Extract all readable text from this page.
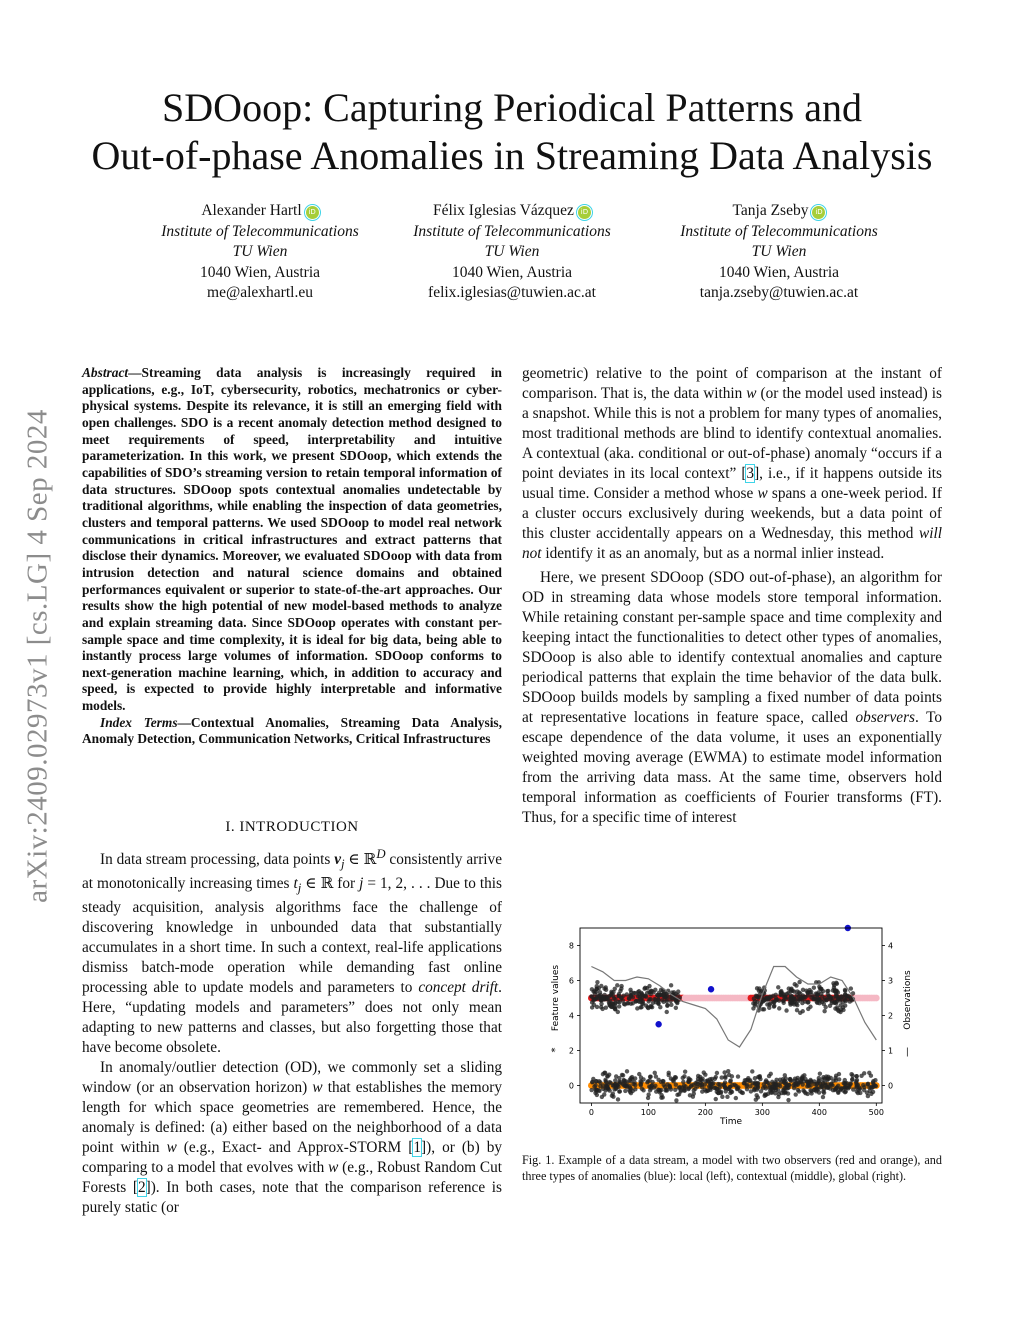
SDOoop: Capturing Periodical Patterns and
Out-of-phase Anomalies in Streaming Data Analysis
Alexander Hartl iD
Institute of Telecommunications
TU Wien
1040 Wien, Austria
me@alexhartl.eu
Félix Iglesias Vázquez iD
Institute of Telecommunications
TU Wien
1040 Wien, Austria
felix.iglesias@tuwien.ac.at
Tanja Zseby iD
Institute of Telecommunications
TU Wien
1040 Wien, Austria
tanja.zseby@tuwien.ac.at
arXiv:2409.02973v1 [cs.LG] 4 Sep 2024
Abstract—Streaming data analysis is increasingly required in applications, e.g., IoT, cybersecurity, robotics, mechatronics or cyber-physical systems. Despite its relevance, it is still an emerging field with open challenges. SDO is a recent anomaly detection method designed to meet requirements of speed, interpretability and intuitive parameterization. In this work, we present SDOoop, which extends the capabilities of SDO’s streaming version to retain temporal information of data structures. SDOoop spots contextual anomalies undetectable by traditional algorithms, while enabling the inspection of data geometries, clusters and temporal patterns. We used SDOoop to model real network communications in critical infrastructures and extract patterns that disclose their dynamics. Moreover, we evaluated SDOoop with data from intrusion detection and natural science domains and obtained performances equivalent or superior to state-of-the-art approaches. Our results show the high potential of new model-based methods to analyze and explain streaming data. Since SDOoop operates with constant per-sample space and time complexity, it is ideal for big data, being able to instantly process large volumes of information. SDOoop conforms to next-generation machine learning, which, in addition to accuracy and speed, is expected to provide highly interpretable and informative models.
Index Terms—Contextual Anomalies, Streaming Data Analysis, Anomaly Detection, Communication Networks, Critical Infrastructures
I. INTRODUCTION

In data stream processing, data points $v_j$ ∈ ℝ$^D$ consistently arrive at monotonically increasing times $t_j$ ∈ ℝ for j = 1, 2, . . . Due to this steady acquisition, analysis algorithms face the challenge of discovering knowledge in unbounded data that substantially accumulates in a short time. In such a context, real-life applications dismiss batch-mode operation while demanding fast online processing able to update models and parameters to concept drift. Here, “updating models and parameters” does not only mean adapting to new patterns and classes, but also forgetting those that have become obsolete.

In anomaly/outlier detection (OD), we commonly set a sliding window (or an observation horizon) w that establishes the memory length for which space geometries are remembered. Hence, the anomaly is defined: (a) either based on the neighborhood of a data point within w (e.g., Exact- and Approx-STORM [1]), or (b) by comparing to a model that evolves with w (e.g., Robust Random Cut Forests [2]). In both cases, note that the comparison reference is purely static (or

geometric) relative to the point of comparison at the instant of comparison. That is, the data within w (or the model used instead) is a snapshot. While this is not a problem for many types of anomalies, most traditional methods are blind to identify contextual anomalies. A contextual (aka. conditional or out-of-phase) anomaly “occurs if a point deviates in its local context” [3], i.e., if it happens outside its usual time. Consider a method whose w spans a one-week period. If a cluster occurs exclusively during weekends, but a data point of this cluster accidentally appears on a Wednesday, this method will not identify it as an anomaly, but as a normal inlier instead.

Here, we present SDOoop (SDO out-of-phase), an algorithm for OD in streaming data whose models store temporal information. While retaining constant per-sample space and time complexity and keeping intact the functionalities to detect other types of anomalies, SDOoop is also able to identify contextual anomalies and capture periodical patterns that explain the time behavior of the data bulk. SDOoop builds models by sampling a fixed number of data points at representative locations in feature space, called observers. To escape dependence of the data volume, it uses an exponentially weighted moving average (EWMA) to estimate model information from the arriving data mass. At the same time, observers hold temporal information as coefficients of Fourier transforms (FT). Thus, for a specific time of interest

0	100	200	300	400	500
0
2
4
6
8
0
1
2
3
4
Time
Feature values	Observations
*	—
Fig. 1. Example of a data stream, a model with two observers (red and orange), and three types of anomalies (blue): local (left), contextual (middle), global (right).
